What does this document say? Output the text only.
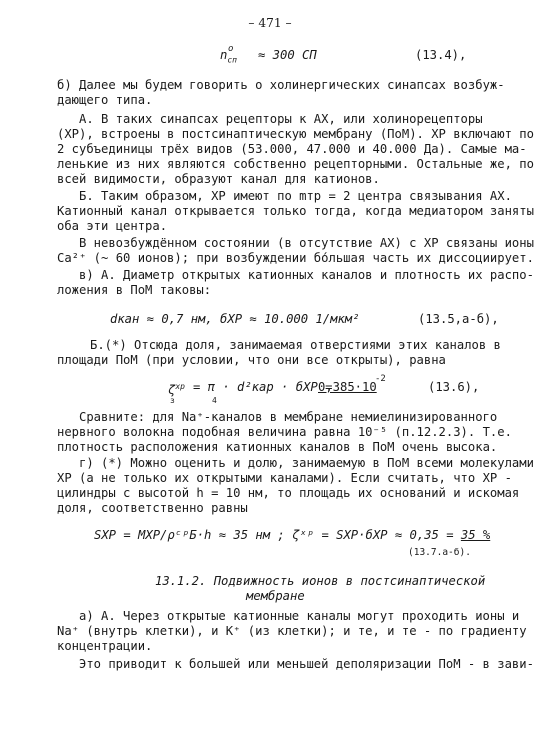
– 471 –
o
$n_{сп} \approx 300$ СП	(13.4),
б) Далее мы будем говорить о холинергических синапсах возбуж-
дающего типа.
А. В таких синапсах рецепторы к АХ, или холинорецепторы
(ХР), встроены в постсинаптическую мембрану (ПоМ). ХР включают по
2 субъединицы трёх видов (53.000, 47.000 и 40.000 Да). Самые ма-
ленькие из них являются собственно рецепторными. Остальные же, по
всей видимости, образуют канал для катионов.
Б. Таким образом, ХР имеют по mтр = 2 центра связывания АХ.
Катионный канал открывается только тогда, когда медиатором заняты
оба эти центра.
В невозбуждённом состоянии (в отсутствие АХ) с ХР связаны ионы
Са²⁺ (~ 60 ионов); при возбуждении бо́льшая часть их диссоциирует.
в) А. Диаметр открытых катионных каналов и плотность их распо-
ложения в ПоМ таковы:
dкан ≈ 0,7 нм, бХР ≈ 10.000 1/мкм²	(13.5,а-б),
Б.(*) Отсюда доля, занимаемая отверстиями этих каналов в
площади ПоМ (при условии, что они все открыты), равна
$\zeta^{хр}$
з
= π · d²кар · бХР =
4
0,385·10
-2
(13.6),
Сравните: для Nа⁺-каналов в мембране немиелинизированного
нервного волокна подобная величина равна 10⁻⁵ (п.12.2.3). Т.е.
плотность расположения катионных каналов в ПоМ очень высока.
г) (*) Можно оценить и долю, занимаемую в ПоМ всеми молекулами
ХР (а не только их открытыми каналами). Если считать, что ХР -
цилиндры с высотой h = 10 нм, то площадь их оснований и искомая
доля, соответственно равны
SХР = MХР/ρᶜᵖБ·h ≈ 35 нм ; ζˣᵖ = SХР·бХР ≈ 0,35 = 35 %
(13.7.а-б).
13.1.2. Подвижность ионов в постсинаптической
мембране
а) А. Через открытые катионные каналы могут проходить ионы и
Nа⁺ (внутрь клетки), и К⁺ (из клетки); и те, и те - по градиенту
концентрации.
Это приводит к большей или меньшей деполяризации ПоМ - в зави-
